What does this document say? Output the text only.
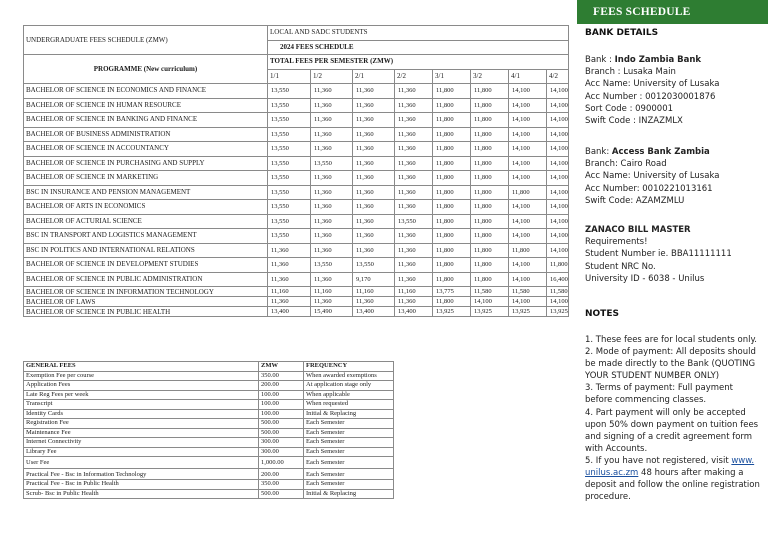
UNDERGRADUATE FEES SCHEDULE (ZMW)	LOCAL AND SADC STUDENTS							
	2024 FEES SCHEDULE							
PROGRAMME (New curriculum)	TOTAL FEES PER SEMESTER (ZMW)							
	1/1	1/2	2/1	2/2	3/1	3/2	4/1	4/2
BACHELOR OF SCIENCE IN ECONOMICS AND FINANCE	13,550	11,360	11,360	11,360	11,800	11,800	14,100	14,100
BACHELOR OF SCIENCE IN HUMAN RESOURCE	13,550	11,360	11,360	11,360	11,800	11,800	14,100	14,100
BACHELOR OF SCIENCE IN BANKING AND FINANCE	13,550	11,360	11,360	11,360	11,800	11,800	14,100	14,100
BACHELOR OF BUSINESS ADMINISTRATION	13,550	11,360	11,360	11,360	11,800	11,800	14,100	14,100
BACHELOR OF SCIENCE IN ACCOUNTANCY	13,550	11,360	11,360	11,360	11,800	11,800	14,100	14,100
BACHELOR OF SCIENCE IN PURCHASING AND SUPPLY	13,550	13,550	11,360	11,360	11,800	11,800	14,100	14,100
BACHELOR OF SCIENCE IN MARKETING	13,550	11,360	11,360	11,360	11,800	11,800	14,100	14,100
BSC IN INSURANCE AND PENSION MANAGEMENT	13,550	11,360	11,360	11,360	11,800	11,800	11,800	14,100
BACHELOR OF ARTS IN ECONOMICS	13,550	11,360	11,360	11,360	11,800	11,800	14,100	14,100
BACHELOR OF ACTURIAL SCIENCE	13,550	11,360	11,360	13,550	11,800	11,800	14,100	14,100
BSC IN TRANSPORT AND LOGISTICS MANAGEMENT	13,550	11,360	11,360	11,360	11,800	11,800	14,100	14,100
BSC IN POLITICS AND INTERNATIONAL RELATIONS	11,360	11,360	11,360	11,360	11,800	11,800	11,800	14,100
BACHELOR OF SCIENCE IN DEVELOPMENT STUDIES	11,360	13,550	13,550	11,360	11,800	11,800	14,100	11,800
BACHELOR OF SCIENCE IN PUBLIC ADMINISTRATION	11,360	11,360	9,170	11,360	11,800	11,800	14,100	16,400
BACHELOR OF SCIENCE IN INFORMATION TECHNOLOGY	11,160	11,160	11,160	11,160	13,775	11,580	11,580	11,580
BACHELOR OF LAWS	11,360	11,360	11,360	11,360	11,800	14,100	14,100	14,100
BACHELOR OF SCIENCE IN PUBLIC HEALTH	13,400	15,490	13,400	13,400	13,925	13,925	13,925	13,925
GENERAL FEES	ZMW	FREQUENCY
Exemption Fee per course	350.00	When awarded exemptions
Application Fees	200.00	At application stage only
Late Reg Fees per week	100.00	When applicable
Transcript	100.00	When requested
Identity Cards	100.00	Initial & Replacing
Registration Fee	500.00	Each Semester
Maintenance Fee	500.00	Each Semester
Internet Connectivity	300.00	Each Semester
Library Fee	300.00	Each Semester
User Fee	1,000.00	Each Semester
Practical Fee - Bsc in Information Technology	200.00	Each Semester
Practical Fee - Bsc in Public Health	350.00	Each Semester
Scrub- Bsc in Public Health	500.00	Initial & Replacing
FEES SCHEDULE
BANK DETAILS
Bank : Indo Zambia Bank
Branch : Lusaka Main
Acc Name: University of Lusaka
Acc Number : 0012030001876
Sort Code : 0900001
Swift Code : INZAZMLX
Bank: Access Bank Zambia
Branch: Cairo Road
Acc Name: University of Lusaka
Acc Number: 0010221013161
Swift Code: AZAMZMLU
ZANACO BILL MASTER
Requirements!
Student Number ie. BBA11111111
Student NRC No.
University ID - 6038 - Unilus
NOTES
1. These fees are for local students only.
2. Mode of payment: All deposits should be made directly to the Bank (QUOTING YOUR STUDENT NUMBER ONLY)
3. Terms of payment: Full payment before commencing classes.
4. Part payment will only be accepted upon 50% down payment on tuition fees and signing of a credit agreement form with Accounts.
5. If you have not registered, visit www. unilus.ac.zm 48 hours after making a deposit and follow the online registration procedure.
